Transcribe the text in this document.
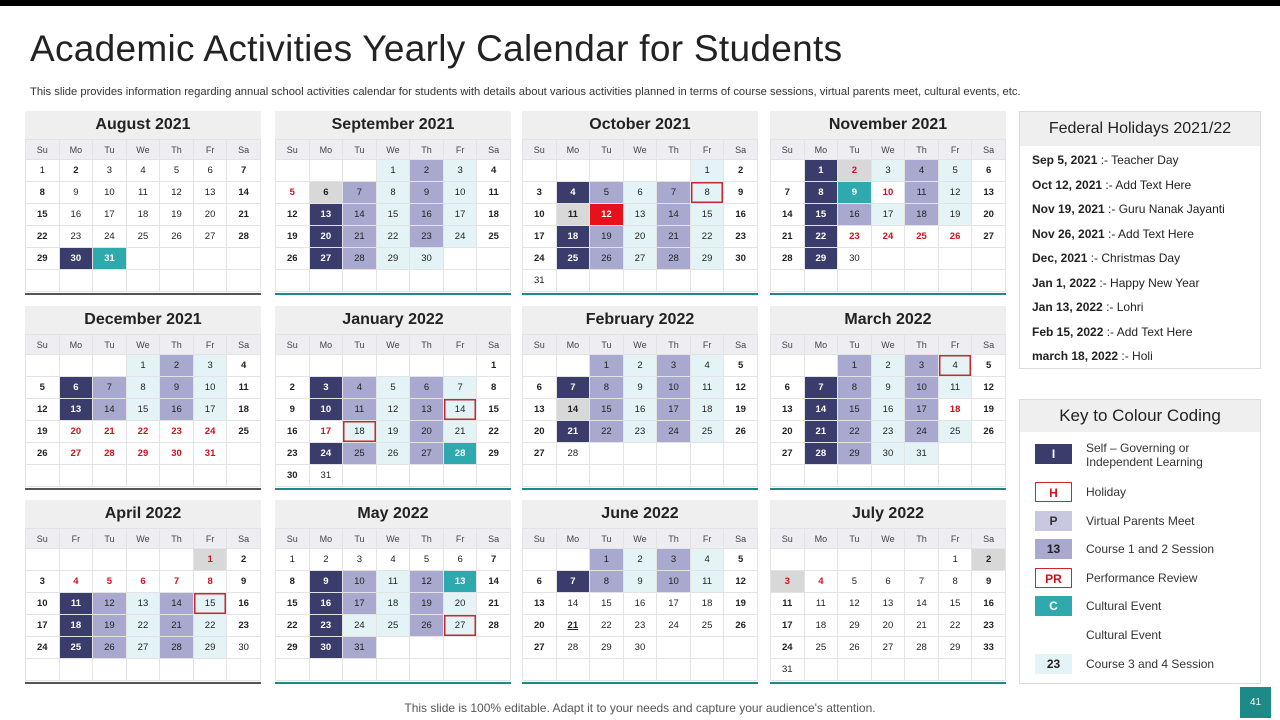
Academic Activities Yearly Calendar for Students

This slide provides information regarding annual school activities calendar for students with details about various activities planned in terms of course sessions, virtual parents meet, cultural events, etc.

August 2021
Su	Mo	Tu	We	Th	Fr	Sa
1	2	3	4	5	6	7
8	9	10	11	12	13	14
15	16	17	18	19	20	21
22	23	24	25	26	27	28
29	30	31				

September 2021
Su	Mo	Tu	We	Th	Fr	Sa
			1	2	3	4
5	6	7	8	9	10	11
12	13	14	15	16	17	18
19	20	21	22	23	24	25
26	27	28	29	30		

October 2021
Su	Mo	Tu	We	Th	Fr	Sa
					1	2
3	4	5	6	7	8	9
10	11	12	13	14	15	16
17	18	19	20	21	22	23
24	25	26	27	28	29	30
31						
November 2021
Su	Mo	Tu	We	Th	Fr	Sa
	1	2	3	4	5	6
7	8	9	10	11	12	13
14	15	16	17	18	19	20
21	22	23	24	25	26	27
28	29	30				

December 2021
Su	Mo	Tu	We	Th	Fr	Sa
			1	2	3	4
5	6	7	8	9	10	11
12	13	14	15	16	17	18
19	20	21	22	23	24	25
26	27	28	29	30	31	

January 2022
Su	Mo	Tu	We	Th	Fr	Sa
						1
2	3	4	5	6	7	8
9	10	11	12	13	14	15
16	17	18	19	20	21	22
23	24	25	26	27	28	29
30	31					
February 2022
Su	Mo	Tu	We	Th	Fr	Sa
		1	2	3	4	5
6	7	8	9	10	11	12
13	14	15	16	17	18	19
20	21	22	23	24	25	26
27	28					

March 2022
Su	Mo	Tu	We	Th	Fr	Sa
		1	2	3	4	5
6	7	8	9	10	11	12
13	14	15	16	17	18	19
20	21	22	23	24	25	26
27	28	29	30	31		

April 2022
Su	Fr	Tu	We	Th	Fr	Sa
					1	2
3	4	5	6	7	8	9
10	11	12	13	14	15	16
17	18	19	22	21	22	23
24	25	26	27	28	29	30

May 2022
Su	Mo	Tu	We	Th	Fr	Sa
1	2	3	4	5	6	7
8	9	10	11	12	13	14
15	16	17	18	19	20	21
22	23	24	25	26	27	28
29	30	31				

June 2022
Su	Mo	Tu	We	Th	Fr	Sa
		1	2	3	4	5
6	7	8	9	10	11	12
13	14	15	16	17	18	19
20	21	22	23	24	25	26
27	28	29	30			

July 2022
Su	Mo	Tu	We	Th	Fr	Sa
					1	2
3	4	5	6	7	8	9
11	11	12	13	14	15	16
17	18	29	20	21	22	23
24	25	26	27	28	29	33
31						
Federal Holidays 2021/22
Sep 5, 2021 :- Teacher Day
Oct 12, 2021 :- Add Text Here
Nov 19, 2021 :- Guru Nanak Jayanti
Nov 26, 2021 :- Add Text Here
Dec, 2021 :- Christmas Day
Jan 1, 2022 :- Happy New Year
Jan 13, 2022 :- Lohri
Feb 15, 2022 :- Add Text Here
march 18, 2022 :- Holi
Key to Colour Coding
I	Self – Governing or Independent Learning
H	Holiday
P	Virtual Parents Meet
13	Course 1 and 2 Session
PR	Performance Review
C	Cultural Event
Cultural Event
23	Course 3 and 4 Session
This slide is 100% editable. Adapt it to your needs and capture your audience's attention.	41
